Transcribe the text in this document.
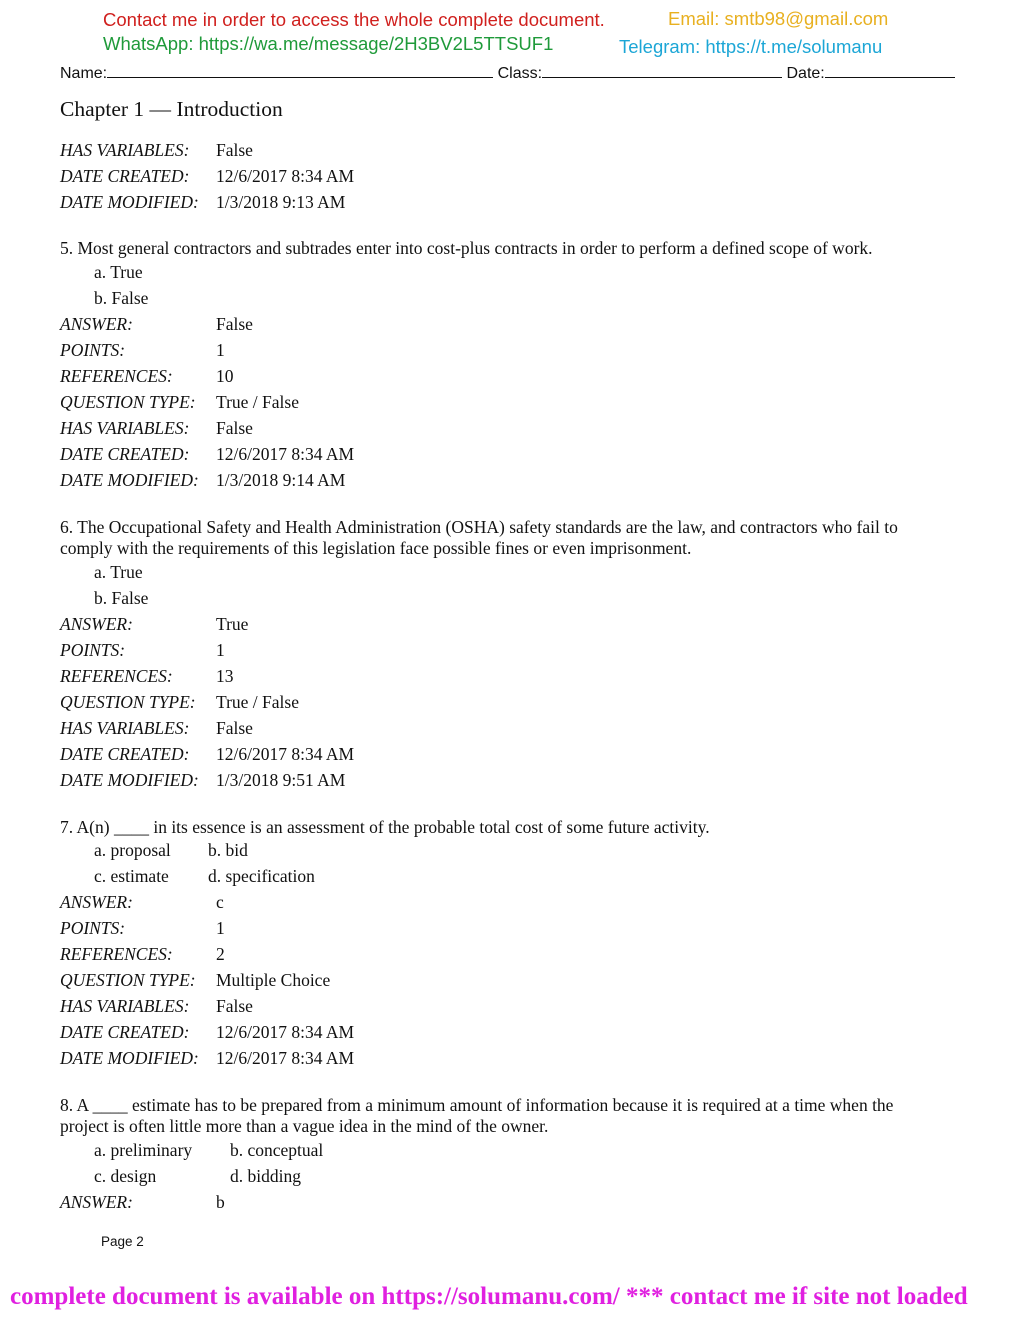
Contact me in order to access the whole complete document.	Email: smtb98@gmail.com
WhatsApp: https://wa.me/message/2H3BV2L5TTSUF1	Telegram: https://t.me/solumanu
Name:	Class:	Date:
Chapter 1 — Introduction
HAS VARIABLES: False
DATE CREATED: 12/6/2017 8:34 AM
DATE MODIFIED: 1/3/2018 9:13 AM
5. Most general contractors and subtrades enter into cost-plus contracts in order to perform a defined scope of work.
a. True
b. False
ANSWER:	False
POINTS:	1
REFERENCES: 10
QUESTION TYPE: True / False
HAS VARIABLES: False
DATE CREATED: 12/6/2017 8:34 AM
DATE MODIFIED: 1/3/2018 9:14 AM
6. The Occupational Safety and Health Administration (OSHA) safety standards are the law, and contractors who fail to
comply with the requirements of this legislation face possible fines or even imprisonment.
a. True
b. False
ANSWER:	True
POINTS:	1
REFERENCES: 13
QUESTION TYPE: True / False
HAS VARIABLES: False
DATE CREATED: 12/6/2017 8:34 AM
DATE MODIFIED: 1/3/2018 9:51 AM
7. A(n) ____ in its essence is an assessment of the probable total cost of some future activity.
a. proposal b. bid
c. estimate d. specification
ANSWER:	c
POINTS:	1
REFERENCES: 2
QUESTION TYPE: Multiple Choice
HAS VARIABLES: False
DATE CREATED: 12/6/2017 8:34 AM
DATE MODIFIED: 12/6/2017 8:34 AM
8. A ____ estimate has to be prepared from a minimum amount of information because it is required at a time when the
project is often little more than a vague idea in the mind of the owner.
a. preliminary b. conceptual
c. design	d. bidding
ANSWER:	b
Page 2
complete document is available on https://solumanu.com/ *** contact me if site not loaded
